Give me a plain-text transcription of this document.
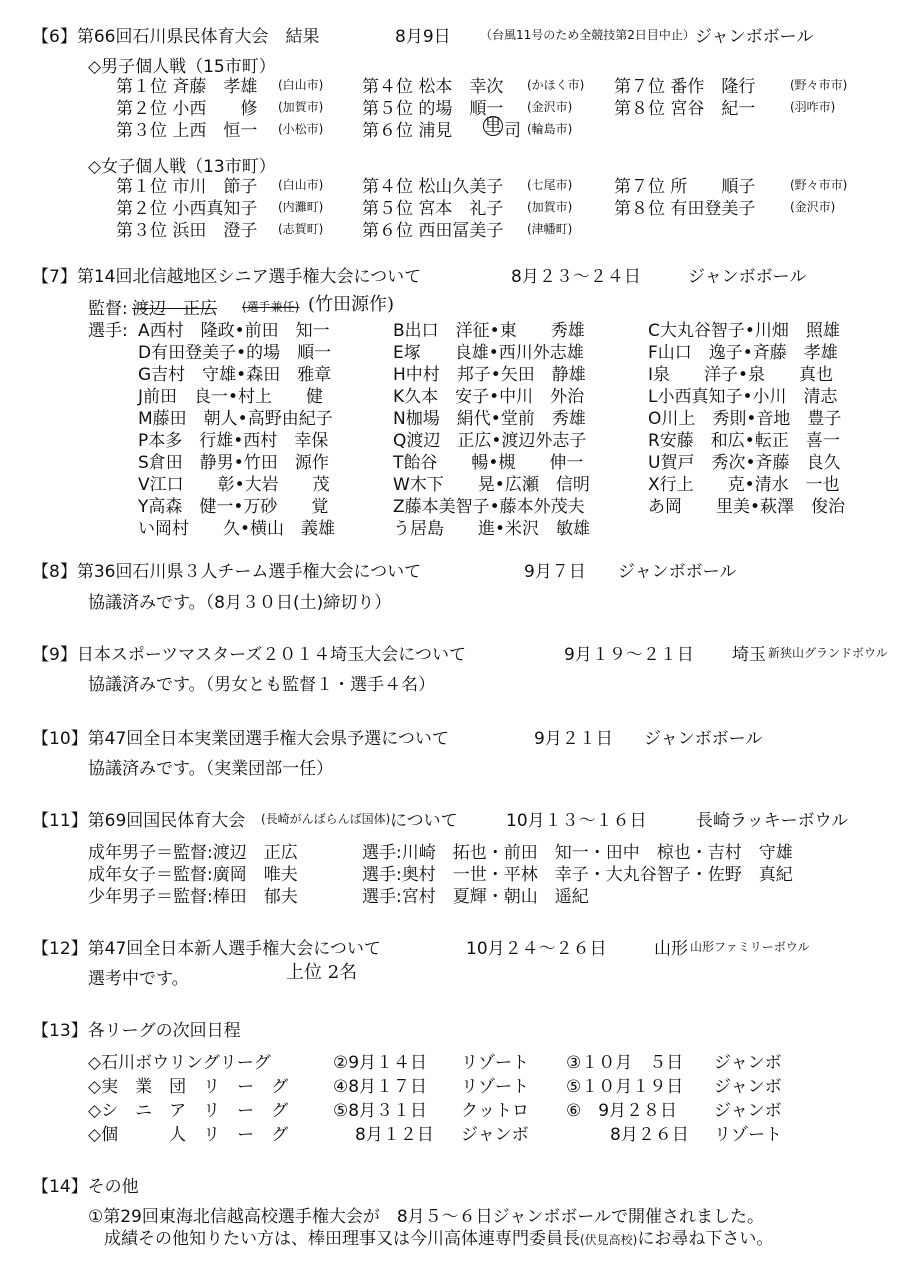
【6】第66回石川県民体育大会　結果	8月9日 （台風11号のため全競技第2日目中止） ジャンボボール
◇男子個人戦（15市町）
第１位 斉藤　孝雄 (白山市) 第４位 松本　幸次 (かほく市) 第７位 番作　隆行	(野々市市)
第２位 小西　　修 (加賀市) 第５位 的場　順一 (金沢市) 第８位 宮谷　紀一	(羽咋市)
第３位 上西　恒一 (小松市) 第６位 浦見　 里 司 (輪島市)
◇女子個人戦（13市町）
第１位 市川　節子 (白山市) 第４位 松山久美子 (七尾市) 第７位 所　　順子	(野々市市)
第２位 小西真知子 (内灘町) 第５位 宮本　礼子 (加賀市) 第８位 有田登美子	(金沢市)
第３位 浜田　澄子 (志賀町) 第６位 西田冨美子 (津幡町)
【7】第14回北信越地区シニア選手権大会について	8月２３～２４日	ジャンボボール
監督: 渡辺　正広 (選手兼任) (竹田源作)
選手: A西村　隆政•前田　知一	B出口　洋征•東　　秀雄	C大丸谷智子•川畑　照雄
D有田登美子•的場　順一	E塚　　良雄•西川外志雄	F山口　逸子•斉藤　孝雄
G吉村　守雄•森田　雅章	H中村　邦子•矢田　静雄	I泉　　洋子•泉　　真也
J前田　良一•村上　　健	K久本　安子•中川　外治	L小西真知子•小川　清志
M藤田　朝人•高野由紀子	N枷場　絹代•堂前　秀雄	O川上　秀則•音地　豊子
P本多　行雄•西村　幸保	Q渡辺　正広•渡辺外志子	R安藤　和広•転正　喜一
S倉田　静男•竹田　源作	T飴谷　　暢•槻　　伸一	U賀戸　秀次•斉藤　良久
V江口　　彰•大岩　　茂	W木下　　晃•広瀬　信明	X行上　　克•清水　一也
Y高森　健一•万砂　　覚	Z藤本美智子•藤本外茂夫	あ岡　　里美•萩澤　俊治
い岡村　　久•横山　義雄	う居島　　進•米沢　敏雄
【8】第36回石川県３人チーム選手権大会について	9月７日 ジャンボボール
協議済みです。（8月３０日(土)締切り）
【9】日本スポーツマスターズ２０１４埼玉大会について	9月１９～２１日 埼玉 新狭山グランドボウル
協議済みです。（男女とも監督１・選手４名）
【10】第47回全日本実業団選手権大会県予選について	9月２１日 ジャンボボール
協議済みです。（実業団部一任）
【11】第69回国民体育大会 (長崎がんばらんば国体) について	10月１３～１６日	長崎ラッキーボウル
成年男子＝監督:渡辺　正広	選手:川崎　拓也・前田　知一・田中　椋也・吉村　守雄
成年女子＝監督:廣岡　唯夫	選手:奥村　一世・平林　幸子・大丸谷智子・佐野　真紀
少年男子＝監督:棒田　郁夫	選手:宮村　夏輝・朝山　遥紀
【12】第47回全日本新人選手権大会について	10月２４～２６日	山形 山形ファミリーボウル
選考中です。	上位 2名
【13】各リーグの次回日程
◇石川ボウリングリーグ	②9月１４日 リゾート ③１０月　５日 ジャンボ
◇実　業　団　リ　ー　グ	④8月１７日 リゾート ⑤１０月１９日 ジャンボ
◇シ　ニ　ア　リ　ー　グ	⑤8月３１日 クットロ ⑥　9月２８日 ジャンボ
◇個　　　人　リ　ー　グ	8月１２日 ジャンボ	8月２６日 リゾート
【14】その他
①第29回東海北信越高校選手権大会が　8月５～６日ジャンボボールで開催されました。
成績その他知りたい方は、棒田理事又は今川高体連専門委員長(伏見高校)にお尋ね下さい。
